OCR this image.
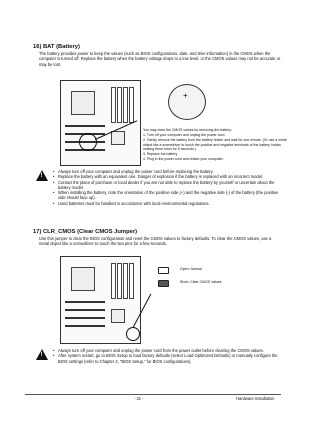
16) BAT (Battery)
The battery provides power to keep the values (such as BIOS configurations, date, and time information) in the CMOS when the computer is turned off. Replace the battery when the battery voltage drops to a low level, or the CMOS values may not be accurate or may be lost.
+
You may clear the CMOS values by removing the battery:
1. Turn off your computer and unplug the power cord.
2. Gently remove the battery from the battery holder and wait for one minute. (Or use a metal object like a screwdriver to touch the positive and negative terminals of the battery holder, making them short for 5 seconds.)
3. Replace the battery.
4. Plug in the power cord and restart your computer.
!
• Always turn off your computer and unplug the power cord before replacing the battery.
• Replace the battery with an equivalent one. Danger of explosion if the battery is replaced with an incorrect model.
• Contact the place of purchase or local dealer if you are not able to replace the battery by yourself or uncertain about the battery model.
• When installing the battery, note the orientation of the positive side (+) and the negative side (-) of the battery (the positive side should face up).
• Used batteries must be handled in accordance with local environmental regulations.
17) CLR_CMOS (Clear CMOS Jumper)
Use this jumper to clear the BIOS configuration and reset the CMOS values to factory defaults. To clear the CMOS values, use a metal object like a screwdriver to touch the two pins for a few seconds.
Open: Normal
Short: Clear CMOS Values
!
• Always turn off your computer and unplug the power cord from the power outlet before clearing the CMOS values.
• After system restart, go to BIOS Setup to load factory defaults (select Load Optimized Defaults) or manually configure the BIOS settings (refer to Chapter 2, "BIOS Setup," for BIOS configurations).
- 31 -	Hardware Installation
